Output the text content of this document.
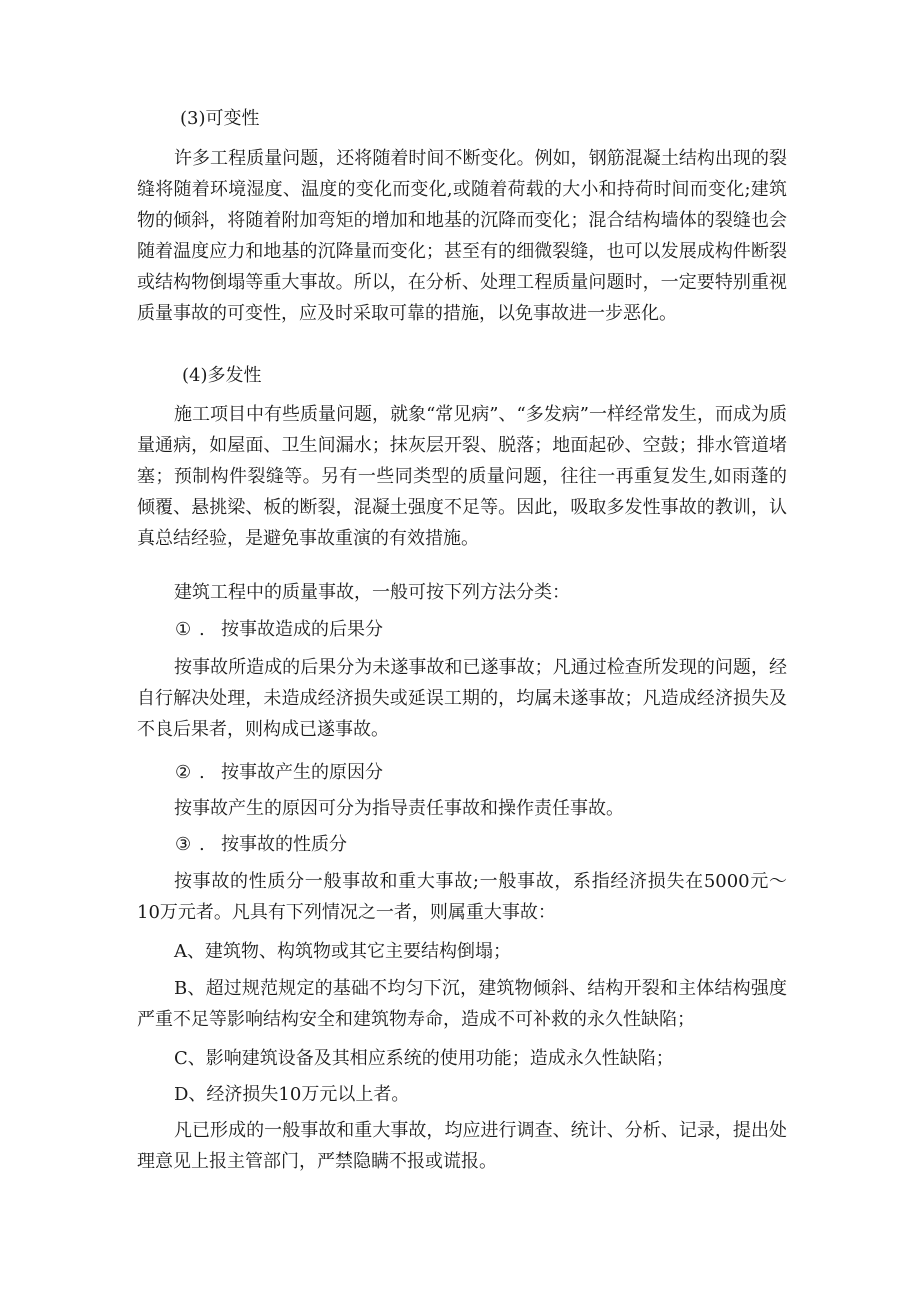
(3)可变性

许多工程质量问题，还将随着时间不断变化。例如，钢筋混凝土结构出现的裂缝将随着环境湿度、温度的变化而变化,或随着荷载的大小和持荷时间而变化;建筑物的倾斜，将随着附加弯矩的增加和地基的沉降而变化；混合结构墙体的裂缝也会随着温度应力和地基的沉降量而变化；甚至有的细微裂缝，也可以发展成构件断裂或结构物倒塌等重大事故。所以，在分析、处理工程质量问题时，一定要特别重视质量事故的可变性，应及时采取可靠的措施，以免事故进一步恶化。

(4)多发性

施工项目中有些质量问题，就象“常见病”、“多发病”一样经常发生，而成为质量通病，如屋面、卫生间漏水；抹灰层开裂、脱落；地面起砂、空鼓；排水管道堵塞；预制构件裂缝等。另有一些同类型的质量问题，往往一再重复发生,如雨蓬的倾覆、悬挑梁、板的断裂，混凝土强度不足等。因此，吸取多发性事故的教训，认真总结经验，是避免事故重演的有效措施。

建筑工程中的质量事故，一般可按下列方法分类：

① . 按事故造成的后果分

按事故所造成的后果分为未遂事故和已遂事故；凡通过检查所发现的问题，经自行解决处理，未造成经济损失或延误工期的，均属未遂事故；凡造成经济损失及不良后果者，则构成已遂事故。

② . 按事故产生的原因分

按事故产生的原因可分为指导责任事故和操作责任事故。

③ . 按事故的性质分

按事故的性质分一般事故和重大事故;一般事故，系指经济损失在5000元～10万元者。凡具有下列情况之一者，则属重大事故：

A、建筑物、构筑物或其它主要结构倒塌；

B、超过规范规定的基础不均匀下沉，建筑物倾斜、结构开裂和主体结构强度严重不足等影响结构安全和建筑物寿命，造成不可补救的永久性缺陷；

C、影响建筑设备及其相应系统的使用功能；造成永久性缺陷；

D、经济损失10万元以上者。

凡已形成的一般事故和重大事故，均应进行调查、统计、分析、记录，提出处理意见上报主管部门，严禁隐瞒不报或谎报。
